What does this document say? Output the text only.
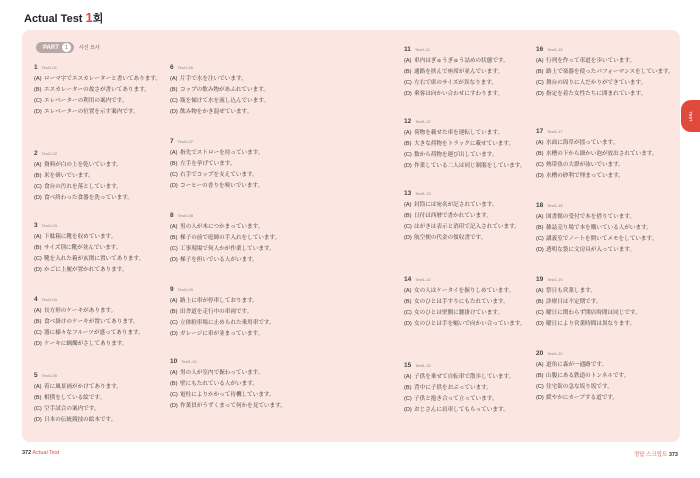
Actual Test 1회
PART 1	사진 묘사
1 Test1-01
(A) ローマ字でエスカレーターと書いてあります。
(B) エスカレーターの故さが書いてあります。
(C) エレベーターの利用の案内です。
(D) エレベーターの位置を示す案内です。
2 Test1-02
(A) 資料が白の上を乾いています。
(B) 米を研いでいます。
(C) 食台の汚れを落としています。
(D) 食べ終わった食器を洗っています。
3 Test1-03
(A) 下駄箱に靴を収めています。
(B) サイズ別に靴が並んでいます。
(C) 靴を入れた箱が玄関に置いてあります。
(D) かごに上履が置かれてあります。
4 Test1-04
(A) 長方形のケーキがあります。
(B) 食べ掛けのケーキが置いてあります。
(C) 器に様々なフルーツが盛ってあります。
(D) ケーキに蝋燭がさしてあります。
5 Test1-05
(A) 着に風景画がかけてあります。
(B) 相撲をしている絵です。
(C) 空手試合の案内です。
(D) 日本の伝統競技の絵本です。
6 Test1-06
(A) 片手で水を注いでいます。
(B) コップの飲み物があふれています。
(C) 瓶を傾けて水を流し込んでいます。
(D) 飲み物をかき混ぜています。
7 Test1-07
(A) 指先でストローを持っています。
(B) 左手を挙げています。
(C) 右手でコップを支えています。
(D) コーヒーの香りを嗅いでいます。
8 Test1-08
(A) 男の人が木につかまっています。
(B) 梯子の前で庭師の手入れをしています。
(C) 工事現場で何人かが作業しています。
(D) 梯子を担いでいる人がいます。
9 Test1-09
(A) 路上に車が停車しております。
(B) 田舎道を走行中の車両です。
(C) 立体駐車場に止められた乗用車です。
(D) ガレージに車が並まっています。
10 Test1-10
(A) 男の人が室内で握わっています。
(B) 壁にもたれている人がいます。
(C) 電柱によりかかって待機しています。
(D) 作業員がうずくまって何かを見ています。
11 Test1-11
(A) 車内はぎゅうぎゅう詰めの状態です。
(B) 通路を挟んで座席が並んでいます。
(C) 左右で席のサイズが異なります。
(D) 乗客は向かい合わせにすわります。
12 Test1-12
(A) 荷物を載せた車を運転しています。
(B) 大きな荷物をトラックに載せています。
(C) 数から荷物を運び出しています。
(D) 作業している二人は同じ制服をしています。
13 Test1-13
(A) 封筒には宛名が記されています。
(B) 日付は西暦で書かれています。
(C) はがきは表示と消印で記入されています。
(D) 航空便の代金の領収書です。
14 Test1-14
(A) 女の人はケータイを握りしめています。
(B) 女のひとは手すりにもたれています。
(C) 女のひとは壁側に腰掛けています。
(D) 女のひとは手を幅いで向かい合っています。
15 Test1-15
(A) 子供を乗せて自転車で散歩しています。
(B) 背中に子供をおぶっています。
(C) 子供と抱き合って立っています。
(D) おじさんに肩車してもらっています。
16 Test1-16
(A) 行列を作って車道を歩いています。
(B) 路上で楽器を使ったパフォーマンスをしています。
(C) 舞台の周りに人だかりができています。
(D) 指定を着た女性たちに囲まれています。
17 Test1-17
(A) 水面に海草が揺っています。
(B) 水槽の下から細かい泡が放出されています。
(C) 熱帯魚の大群が泳いでいます。
(D) 水槽の砂利で埋まっています。
18 Test1-18
(A) 図書館の受付で本を借りています。
(B) 雑誌売り場で本を購いている人がいます。
(C) 講義室でノートを開いてメモをしています。
(D) 透明な袋に文房具が入っています。
19 Test1-19
(A) 祭日も営業します。
(B) 診療日は不定期です。
(C) 曜日に関わらず開店時間は同じです。
(D) 曜日により営業時間は異なります。
20 Test1-20
(A) 道角に森が一通路です。
(B) 山腹にある鉄道のトンネルです。
(C) 住宅街の急な坂り坂です。
(D) 緩やかにカーブする道です。
TEST
372 Actual Test	정답 스크립트 373
